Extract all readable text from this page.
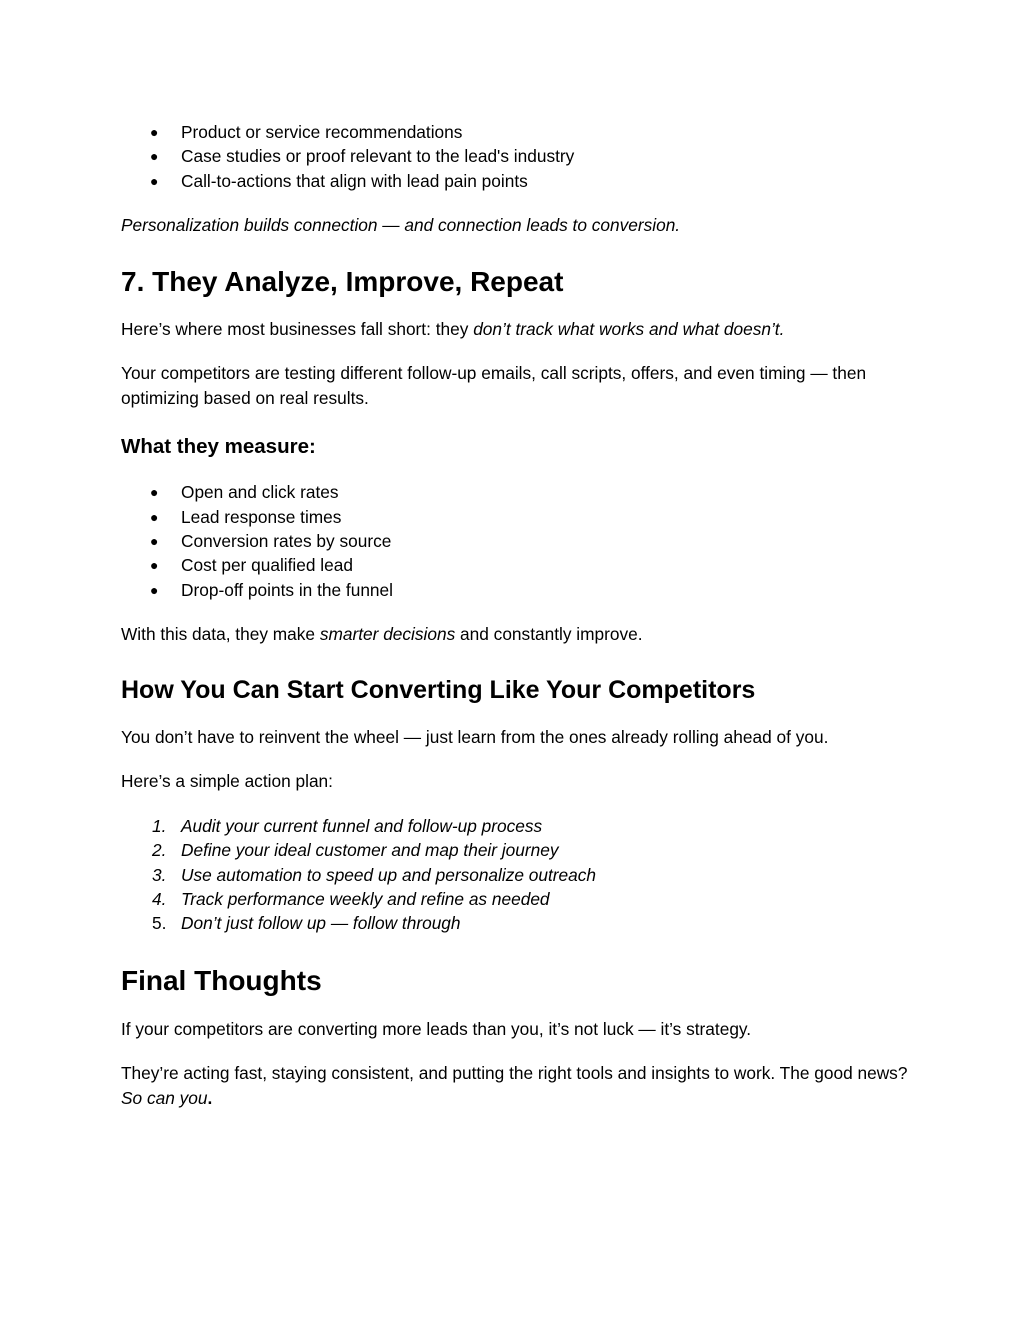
● Product or service recommendations
● Case studies or proof relevant to the lead's industry
● Call-to-actions that align with lead pain points

Personalization builds connection — and connection leads to conversion.

7. They Analyze, Improve, Repeat

Here’s where most businesses fall short: they don’t track what works and what doesn’t.

Your competitors are testing different follow-up emails, call scripts, offers, and even timing — then optimizing based on real results.

What they measure:
● Open and click rates
● Lead response times
● Conversion rates by source
● Cost per qualified lead
● Drop-off points in the funnel

With this data, they make smarter decisions and constantly improve.

How You Can Start Converting Like Your Competitors

You don’t have to reinvent the wheel — just learn from the ones already rolling ahead of you.

Here’s a simple action plan:

1. Audit your current funnel and follow-up process
2. Define your ideal customer and map their journey
3. Use automation to speed up and personalize outreach
4. Track performance weekly and refine as needed
5. Don’t just follow up — follow through
Final Thoughts

If your competitors are converting more leads than you, it’s not luck — it’s strategy.

They’re acting fast, staying consistent, and putting the right tools and insights to work. The good news? So can you.
